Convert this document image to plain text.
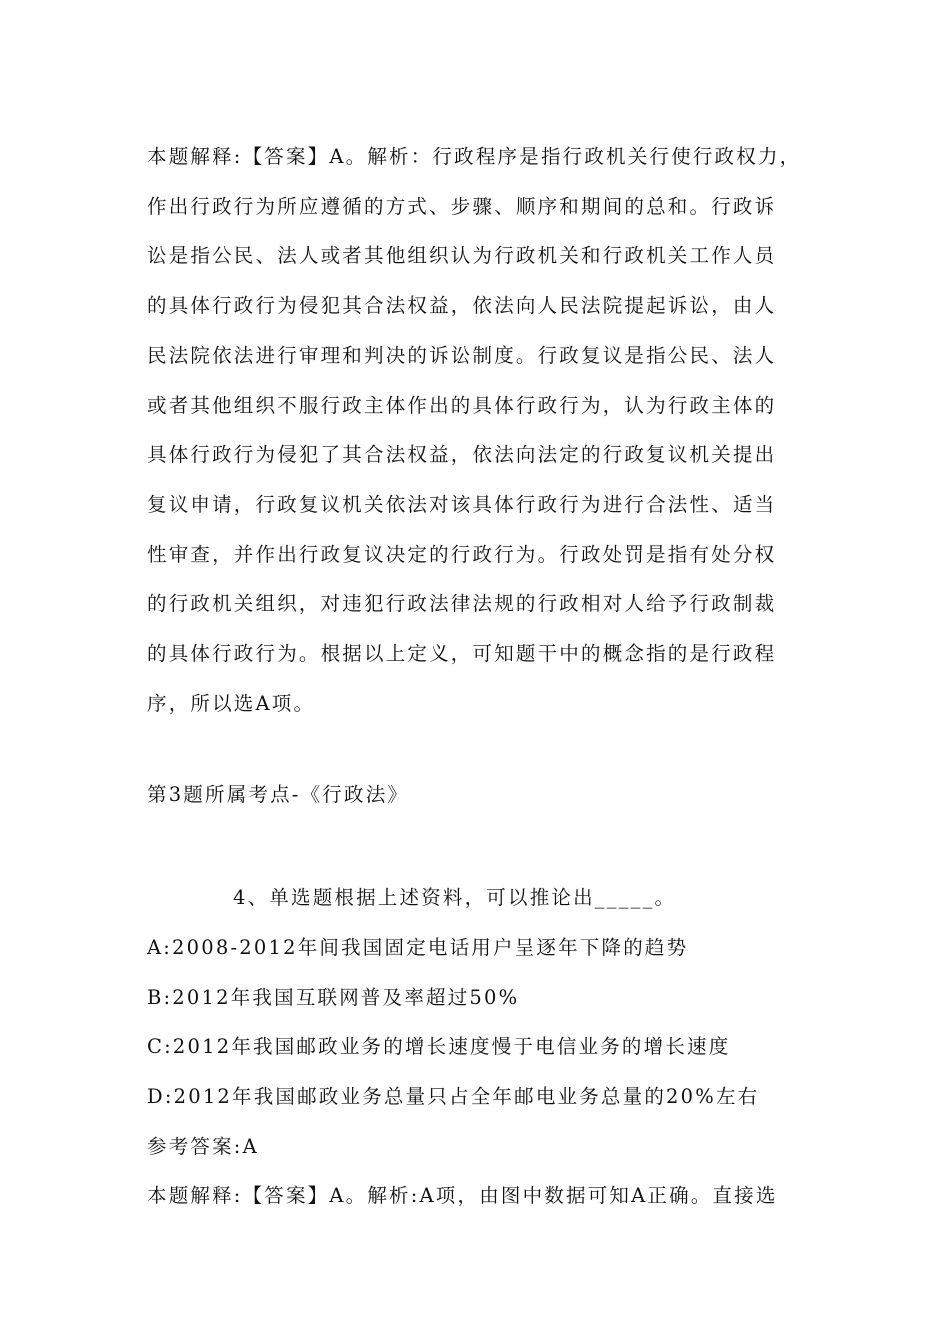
本题解释:【答案】A。解析：行政程序是指行政机关行使行政权力，
作出行政行为所应遵循的方式、步骤、顺序和期间的总和。行政诉
讼是指公民、法人或者其他组织认为行政机关和行政机关工作人员
的具体行政行为侵犯其合法权益，依法向人民法院提起诉讼，由人
民法院依法进行审理和判决的诉讼制度。行政复议是指公民、法人
或者其他组织不服行政主体作出的具体行政行为，认为行政主体的
具体行政行为侵犯了其合法权益，依法向法定的行政复议机关提出
复议申请，行政复议机关依法对该具体行政行为进行合法性、适当
性审查，并作出行政复议决定的行政行为。行政处罚是指有处分权
的行政机关组织，对违犯行政法律法规的行政相对人给予行政制裁
的具体行政行为。根据以上定义，可知题干中的概念指的是行政程
序，所以选A项。

第3题所属考点-《行政法》

4、单选题根据上述资料，可以推论出_____。

A:2008-2012年间我国固定电话用户呈逐年下降的趋势

B:2012年我国互联网普及率超过50%

C:2012年我国邮政业务的增长速度慢于电信业务的增长速度

D:2012年我国邮政业务总量只占全年邮电业务总量的20%左右

参考答案:A

本题解释:【答案】A。解析:A项，由图中数据可知A正确。直接选
